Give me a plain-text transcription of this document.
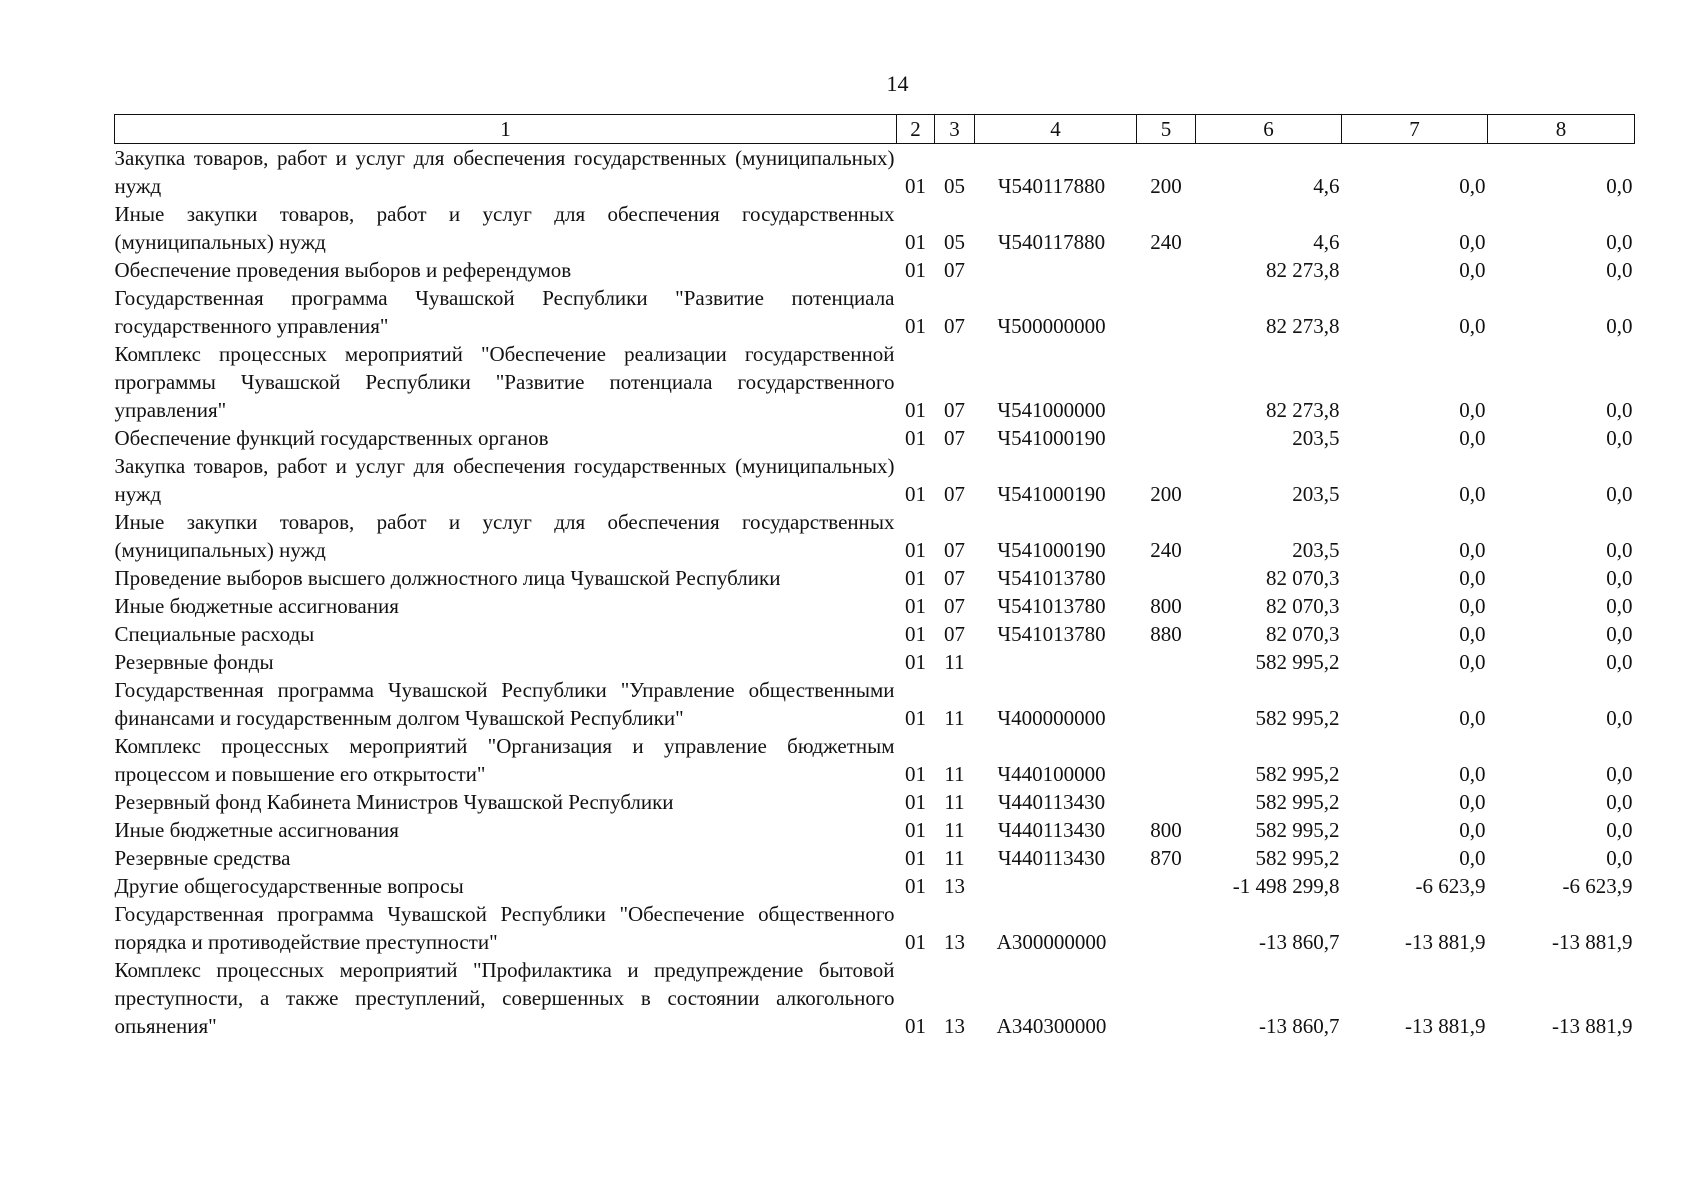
14
1	2	3	4	5	6	7	8
Закупка товаров, работ и услуг для обеспечения государственных (муниципальных) нужд	01	05	Ч540117880	200	4,6	0,0	0,0
Иные закупки товаров, работ и услуг для обеспечения государственных (муниципальных) нужд	01	05	Ч540117880	240	4,6	0,0	0,0
Обеспечение проведения выборов и референдумов	01	07			82 273,8	0,0	0,0
Государственная программа Чувашской Республики "Развитие потенциала государственного управления"	01	07	Ч500000000		82 273,8	0,0	0,0
Комплекс процессных мероприятий "Обеспечение реализации государственной программы Чувашской Республики "Развитие потенциала государственного управления"	01	07	Ч541000000		82 273,8	0,0	0,0
Обеспечение функций государственных органов	01	07	Ч541000190		203,5	0,0	0,0
Закупка товаров, работ и услуг для обеспечения государственных (муниципальных) нужд	01	07	Ч541000190	200	203,5	0,0	0,0
Иные закупки товаров, работ и услуг для обеспечения государственных (муниципальных) нужд	01	07	Ч541000190	240	203,5	0,0	0,0
Проведение выборов высшего должностного лица Чувашской Республики	01	07	Ч541013780		82 070,3	0,0	0,0
Иные бюджетные ассигнования	01	07	Ч541013780	800	82 070,3	0,0	0,0
Специальные расходы	01	07	Ч541013780	880	82 070,3	0,0	0,0
Резервные фонды	01	11			582 995,2	0,0	0,0
Государственная программа Чувашской Республики "Управление общественными финансами и государственным долгом Чувашской Республики"	01	11	Ч400000000		582 995,2	0,0	0,0
Комплекс процессных мероприятий "Организация и управление бюджетным процессом и повышение его открытости"	01	11	Ч440100000		582 995,2	0,0	0,0
Резервный фонд Кабинета Министров Чувашской Республики	01	11	Ч440113430		582 995,2	0,0	0,0
Иные бюджетные ассигнования	01	11	Ч440113430	800	582 995,2	0,0	0,0
Резервные средства	01	11	Ч440113430	870	582 995,2	0,0	0,0
Другие общегосударственные вопросы	01	13			-1 498 299,8	-6 623,9	-6 623,9
Государственная программа Чувашской Республики "Обеспечение общественного порядка и противодействие преступности"	01	13	А300000000		-13 860,7	-13 881,9	-13 881,9
Комплекс процессных мероприятий "Профилактика и предупреждение бытовой преступности, а также преступлений, совершенных в состоянии алкогольного опьянения"	01	13	А340300000		-13 860,7	-13 881,9	-13 881,9
